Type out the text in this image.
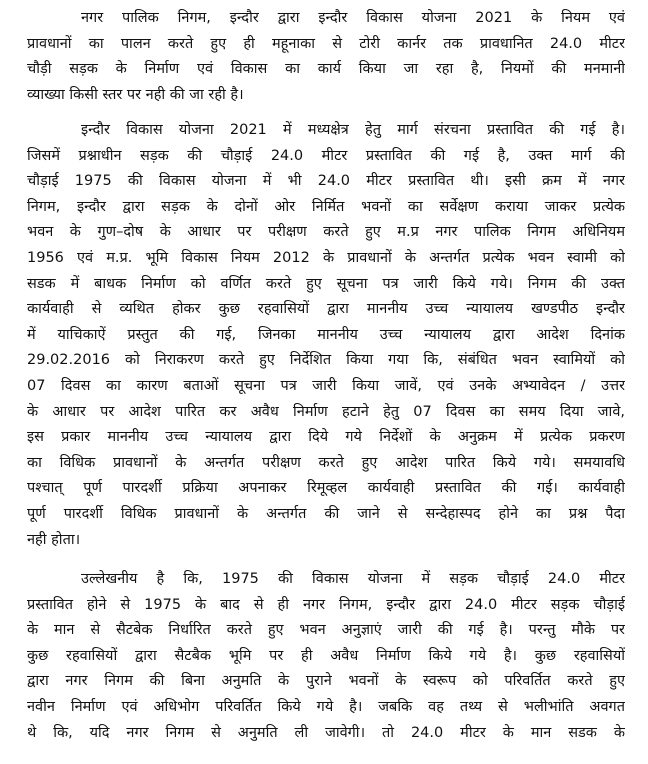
नगर पालिक निगम, इन्दौर द्वारा इन्दौर विकास योजना 2021 के नियम एवं
प्रावधानों का पालन करते हुए ही महूनाका से टोरी कार्नर तक प्रावधानित 24.0 मीटर
चौड़ी सड़क के निर्माण एवं विकास का कार्य किया जा रहा है, नियमों की मनमानी
व्याख्या किसी स्तर पर नही की जा रही है।
इन्दौर विकास योजना 2021 में मध्यक्षेत्र हेतु मार्ग संरचना प्रस्तावित की गई है।
जिसमें प्रश्नाधीन सड़क की चौड़ाई 24.0 मीटर प्रस्तावित की गई है, उक्त मार्ग की
चौड़ाई 1975 की विकास योजना में भी 24.0 मीटर प्रस्तावित थी। इसी क्रम में नगर
निगम, इन्दौर द्वारा सड़क के दोनों ओर निर्मित भवनों का सर्वेक्षण कराया जाकर प्रत्येक
भवन के गुण–दोष के आधार पर परीक्षण करते हुए म.प्र नगर पालिक निगम अधिनियम
1956 एवं म.प्र. भूमि विकास नियम 2012 के प्रावधानों के अन्तर्गत प्रत्येक भवन स्वामी को
सडक में बाधक निर्माण को वर्णित करते हुए सूचना पत्र जारी किये गये। निगम की उक्त
कार्यवाही से व्यथित होकर कुछ रहवासियों द्वारा माननीय उच्च न्यायालय खण्डपीठ इन्दौर
में याचिकाऐं प्रस्तुत की गई, जिनका माननीय उच्च न्यायालय द्वारा आदेश दिनांक
29.02.2016 को निराकरण करते हुए निर्देशित किया गया कि, संबंधित भवन स्वामियों को
07 दिवस का कारण बताओं सूचना पत्र जारी किया जावें, एवं उनके अभ्यावेदन / उत्तर
के आधार पर आदेश पारित कर अवैध निर्माण हटाने हेतु 07 दिवस का समय दिया जावे,
इस प्रकार माननीय उच्च न्यायालय द्वारा दिये गये निर्देशों के अनुक्रम में प्रत्येक प्रकरण
का विधिक प्रावधानों के अन्तर्गत परीक्षण करते हुए आदेश पारित किये गये। समयावधि
पश्चात् पूर्ण पारदर्शी प्रक्रिया अपनाकर रिमूव्हल कार्यवाही प्रस्तावित की गई। कार्यवाही
पूर्ण पारदर्शी विधिक प्रावधानों के अन्तर्गत की जाने से सन्देहास्पद होने का प्रश्न पैदा
नही होता।
उल्लेखनीय है कि, 1975 की विकास योजना में सड़क चौड़ाई 24.0 मीटर
प्रस्तावित होने से 1975 के बाद से ही नगर निगम, इन्दौर द्वारा 24.0 मीटर सड़क चौड़ाई
के मान से सैटबेक निर्धारित करते हुए भवन अनुज्ञाएं जारी की गई है। परन्तु मौके पर
कुछ रहवासियों द्वारा सैटबैक भूमि पर ही अवैध निर्माण किये गये है। कुछ रहवासियों
द्वारा नगर निगम की बिना अनुमति के पुराने भवनों के स्वरूप को परिवर्तित करते हुए
नवीन निर्माण एवं अधिभोग परिवर्तित किये गये है। जबकि वह तथ्य से भलीभांति अवगत
थे कि, यदि नगर निगम से अनुमति ली जावेगी। तो 24.0 मीटर के मान सडक के
